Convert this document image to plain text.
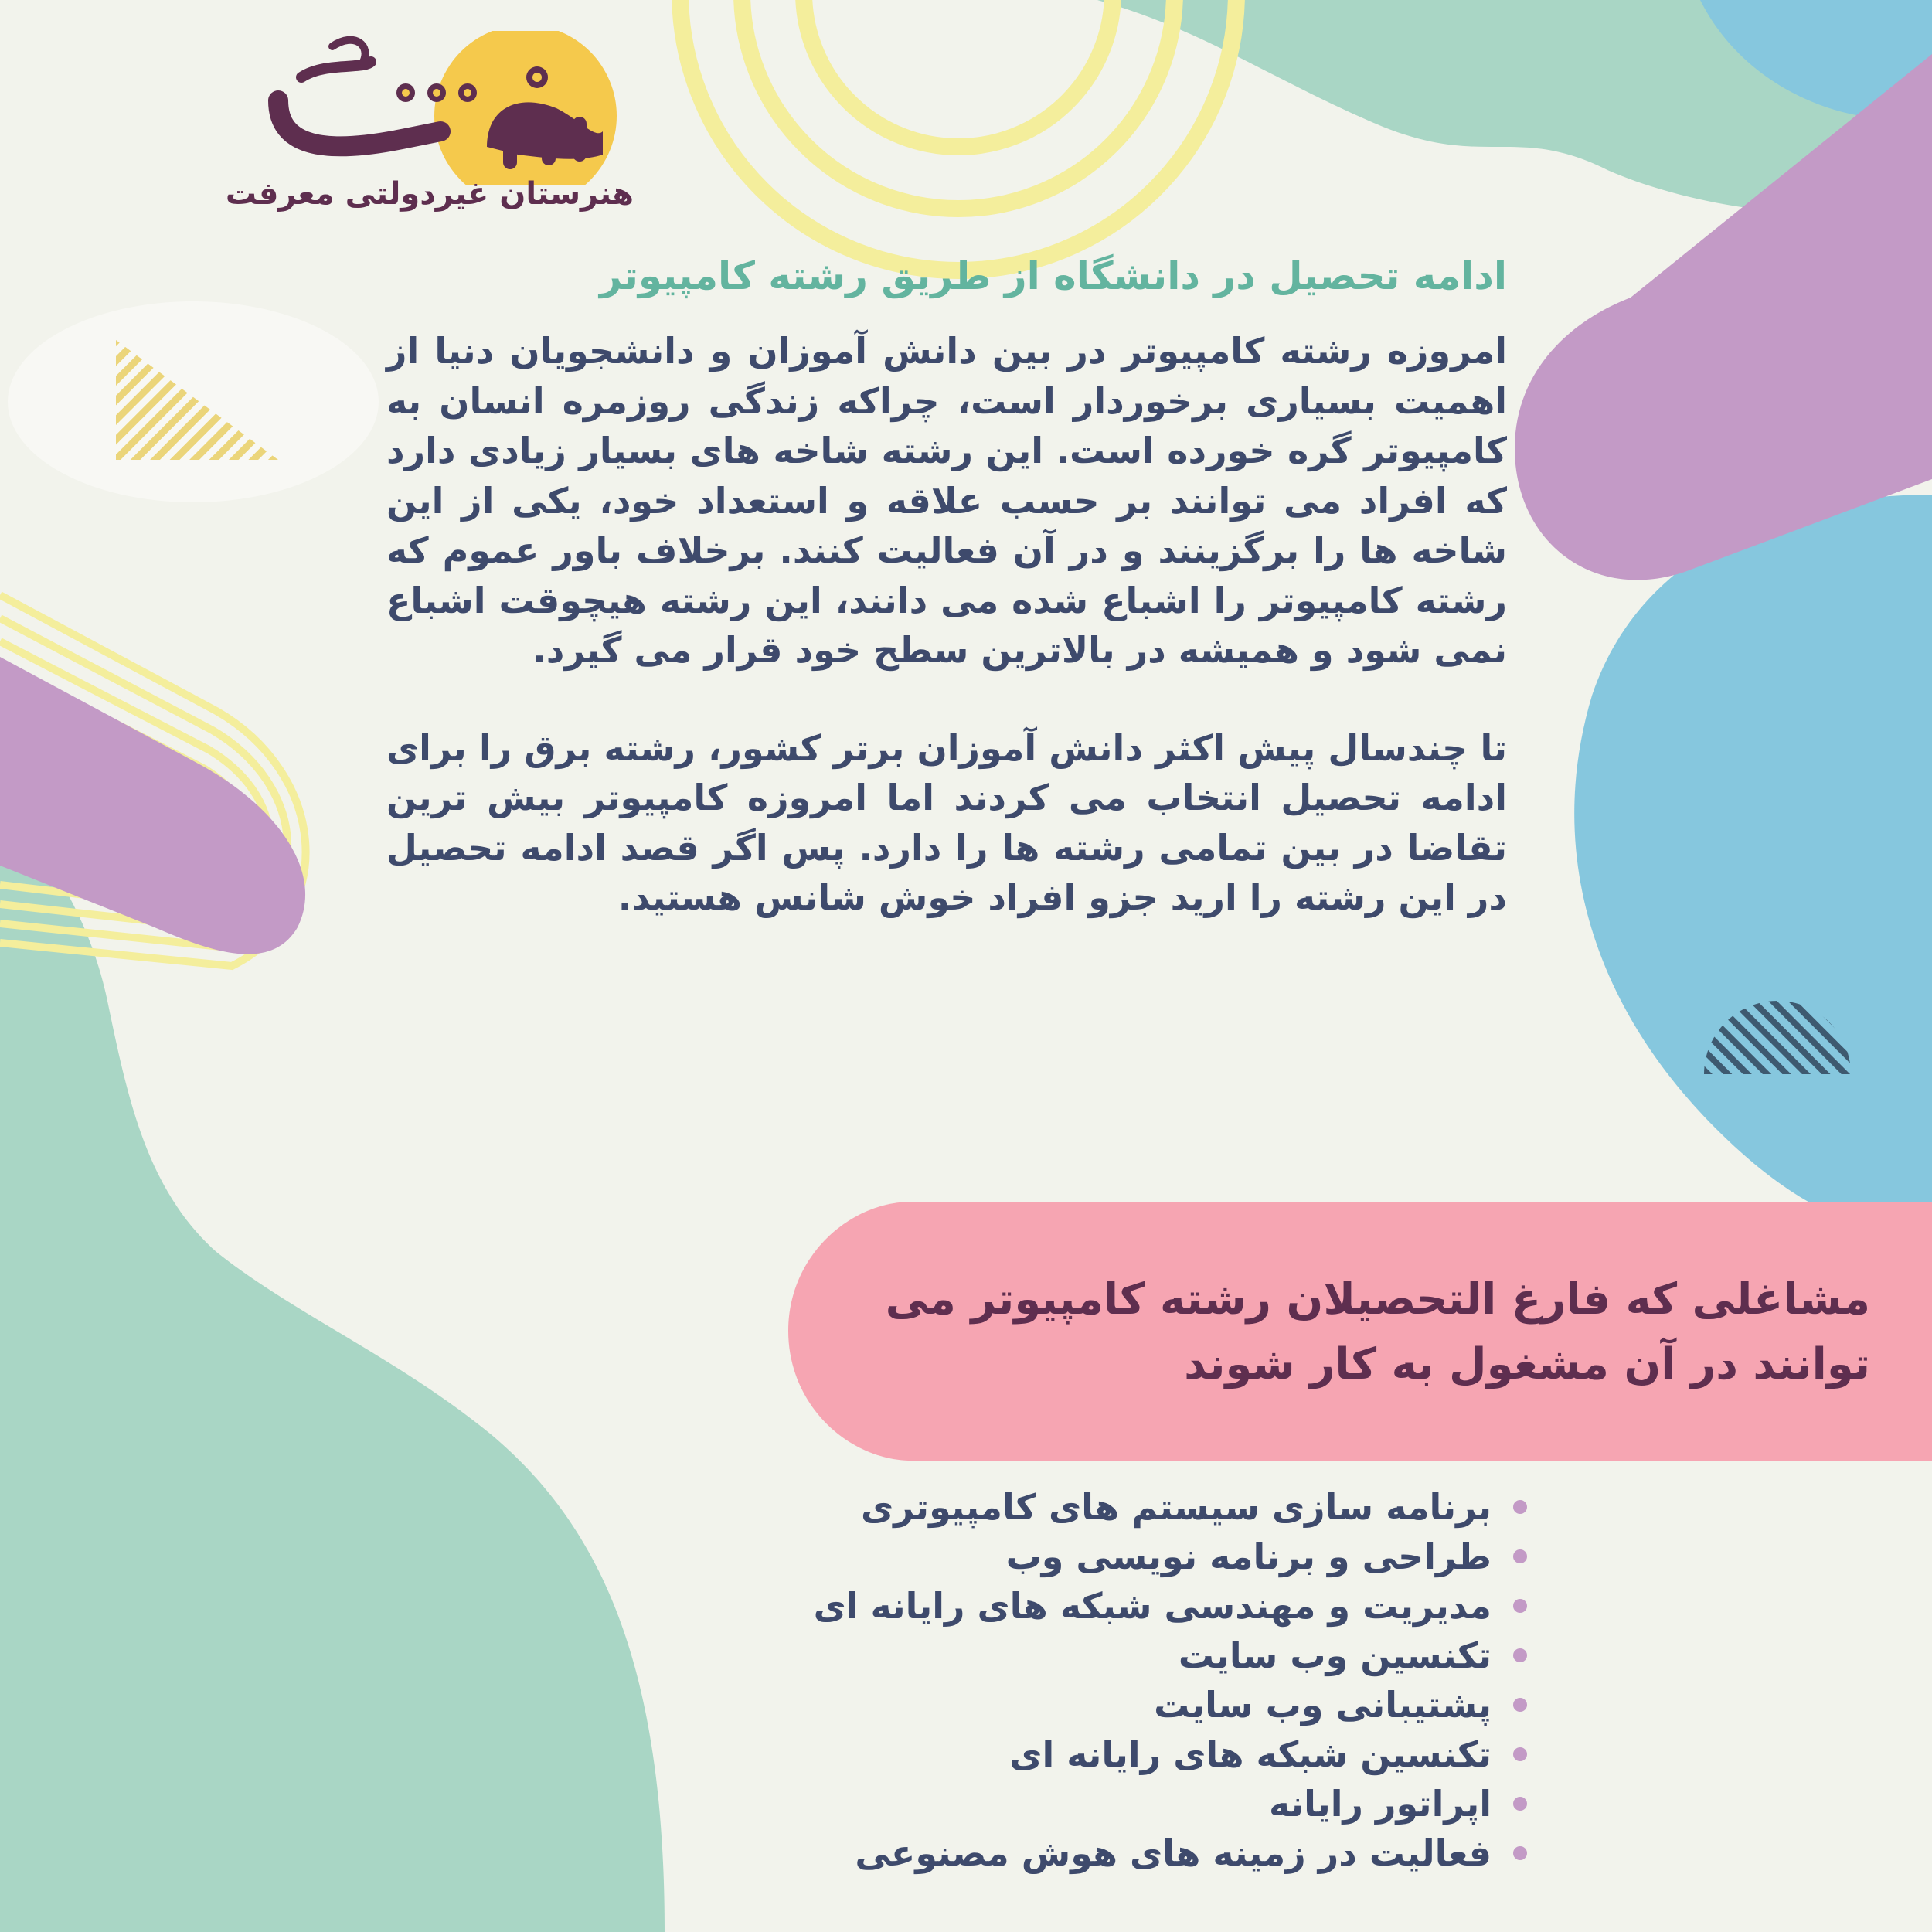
هنرستان غیردولتی معرفت
ادامه تحصیل در دانشگاه از طریق رشته کامپیوتر

امروزه رشته کامپیوتر در بین دانش آموزان و دانشجویان دنیا از اهمیت بسیاری برخوردار است، چراکه زندگی روزمره انسان به کامپیوتر گره خورده است. این رشته شاخه های بسیار زیادی دارد که افراد می توانند بر حسب علاقه و استعداد خود، یکی از این شاخه ها را برگزینند و در آن فعالیت کنند. برخلاف باور عموم که رشته کامپیوتر را اشباع شده می دانند، این رشته هیچوقت اشباع نمی شود و همیشه در بالاترین سطح خود قرار می گیرد.

تا چندسال پیش اکثر دانش آموزان برتر کشور، رشته برق را برای ادامه تحصیل انتخاب می کردند اما امروزه کامپیوتر بیش ترین تقاضا در بین تمامی رشته ها را دارد. پس اگر قصد ادامه تحصیل در این رشته را ارید جزو افراد خوش شانس هستید.

مشاغلی که فارغ التحصیلان رشته کامپیوتر می توانند در آن مشغول به کار شوند
برنامه سازی سیستم های کامپیوتری
طراحی و برنامه نویسی وب
مدیریت و مهندسی شبکه های رایانه ای
تکنسین وب سایت
پشتیبانی وب سایت
تکنسین شبکه های رایانه ای
اپراتور رایانه
فعالیت در زمینه های هوش مصنوعی
